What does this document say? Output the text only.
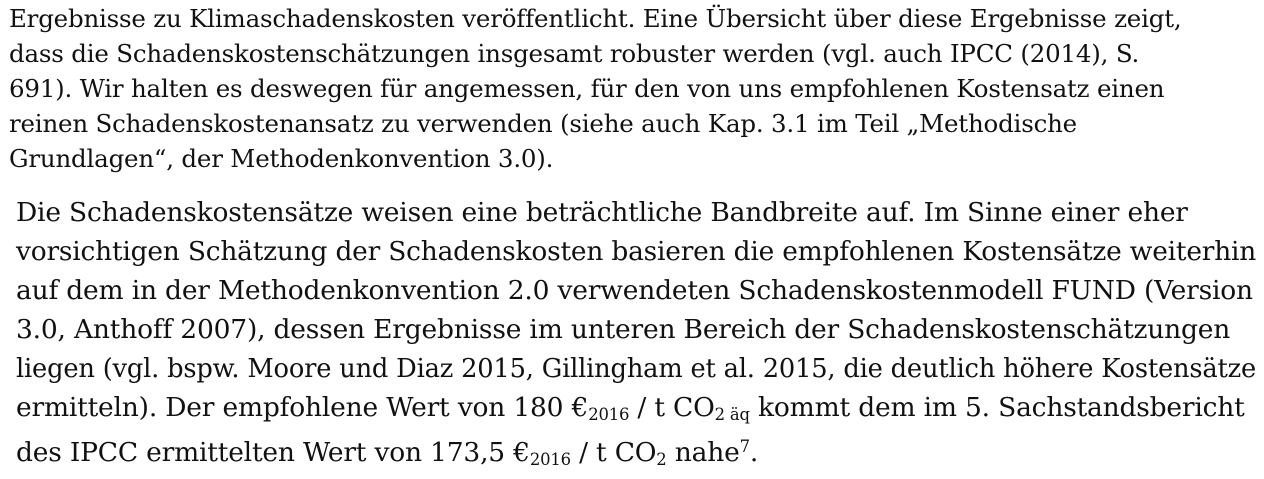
Ergebnisse zu Klimaschadenskosten veröffentlicht. Eine Übersicht über diese Ergebnisse zeigt,
dass die Schadenskostenschätzungen insgesamt robuster werden (vgl. auch IPCC (2014), S.
691). Wir halten es deswegen für angemessen, für den von uns empfohlenen Kostensatz einen
reinen Schadenskostenansatz zu verwenden (siehe auch Kap. 3.1 im Teil „Methodische
Grundlagen“, der Methodenkonvention 3.0).
Die Schadenskostensätze weisen eine beträchtliche Bandbreite auf. Im Sinne einer eher
vorsichtigen Schätzung der Schadenskosten basieren die empfohlenen Kostensätze weiterhin
auf dem in der Methodenkonvention 2.0 verwendeten Schadenskostenmodell FUND (Version
3.0, Anthoff 2007), dessen Ergebnisse im unteren Bereich der Schadenskostenschätzungen
liegen (vgl. bspw. Moore und Diaz 2015, Gillingham et al. 2015, die deutlich höhere Kostensätze
ermitteln). Der empfohlene Wert von 180 $€_{2016}$ / t $CO_{2 äq}$ kommt dem im 5. Sachstandsbericht
des IPCC ermittelten Wert von 173,5 $€_{2016}$ / t $CO_2$ nahe$^7$.
